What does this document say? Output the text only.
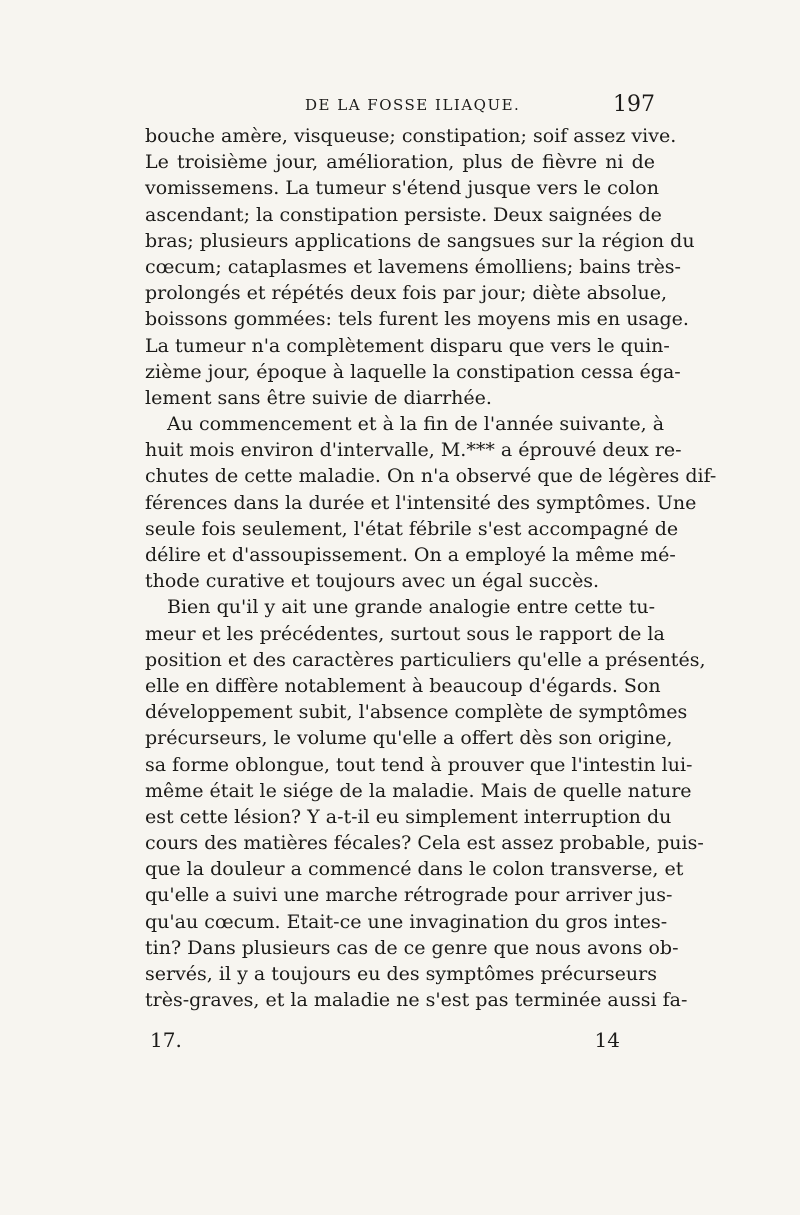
DE LA FOSSE ILIAQUE.	197
bouche amère, visqueuse; constipation; soif assez vive.
Le troisième jour, amélioration, plus de fièvre ni de
vomissemens. La tumeur s'étend jusque vers le colon
ascendant; la constipation persiste. Deux saignées de
bras; plusieurs applications de sangsues sur la région du
cœcum; cataplasmes et lavemens émolliens; bains très-
prolongés et répétés deux fois par jour; diète absolue,
boissons gommées: tels furent les moyens mis en usage.
La tumeur n'a complètement disparu que vers le quin-
zième jour, époque à laquelle la constipation cessa éga-
lement sans être suivie de diarrhée.
Au commencement et à la fin de l'année suivante, à
huit mois environ d'intervalle, M.*** a éprouvé deux re-
chutes de cette maladie. On n'a observé que de légères dif-
férences dans la durée et l'intensité des symptômes. Une
seule fois seulement, l'état fébrile s'est accompagné de
délire et d'assoupissement. On a employé la même mé-
thode curative et toujours avec un égal succès.
Bien qu'il y ait une grande analogie entre cette tu-
meur et les précédentes, surtout sous le rapport de la
position et des caractères particuliers qu'elle a présentés,
elle en diffère notablement à beaucoup d'égards. Son
développement subit, l'absence complète de symptômes
précurseurs, le volume qu'elle a offert dès son origine,
sa forme oblongue, tout tend à prouver que l'intestin lui-
même était le siége de la maladie. Mais de quelle nature
est cette lésion? Y a-t-il eu simplement interruption du
cours des matières fécales? Cela est assez probable, puis-
que la douleur a commencé dans le colon transverse, et
qu'elle a suivi une marche rétrograde pour arriver jus-
qu'au cœcum. Etait-ce une invagination du gros intes-
tin? Dans plusieurs cas de ce genre que nous avons ob-
servés, il y a toujours eu des symptômes précurseurs
très-graves, et la maladie ne s'est pas terminée aussi fa-
17.	14
